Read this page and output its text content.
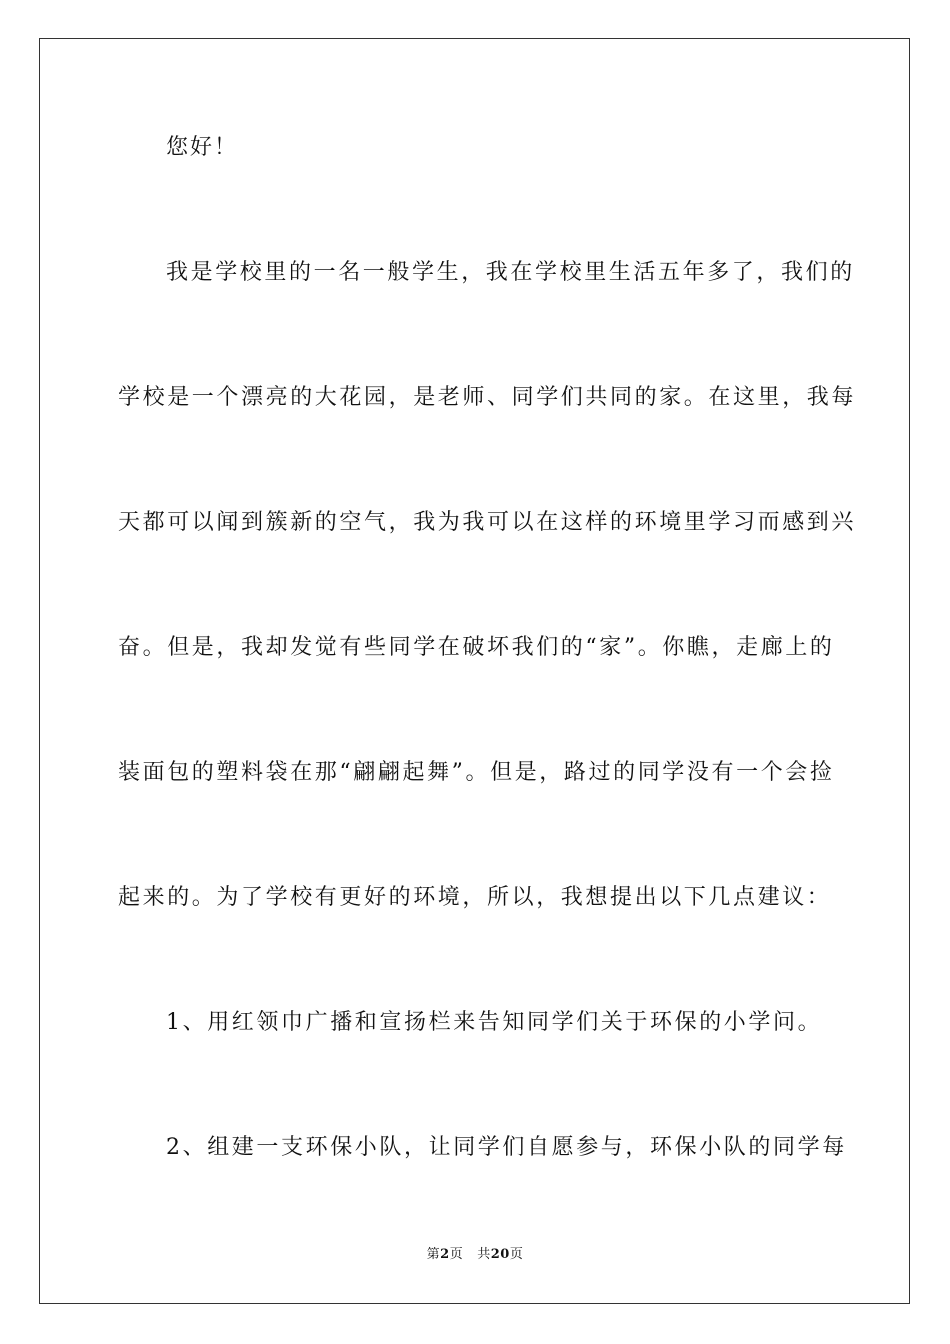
您好！
我是学校里的一名一般学生，我在学校里生活五年多了，我们的
学校是一个漂亮的大花园，是老师、同学们共同的家。在这里，我每
天都可以闻到簇新的空气，我为我可以在这样的环境里学习而感到兴
奋。但是，我却发觉有些同学在破坏我们的“家”。你瞧，走廊上的
装面包的塑料袋在那“翩翩起舞”。但是，路过的同学没有一个会捡
起来的。为了学校有更好的环境，所以，我想提出以下几点建议：
1、用红领巾广播和宣扬栏来告知同学们关于环保的小学问。
2、组建一支环保小队，让同学们自愿参与，环保小队的同学每
第2页 共20页
